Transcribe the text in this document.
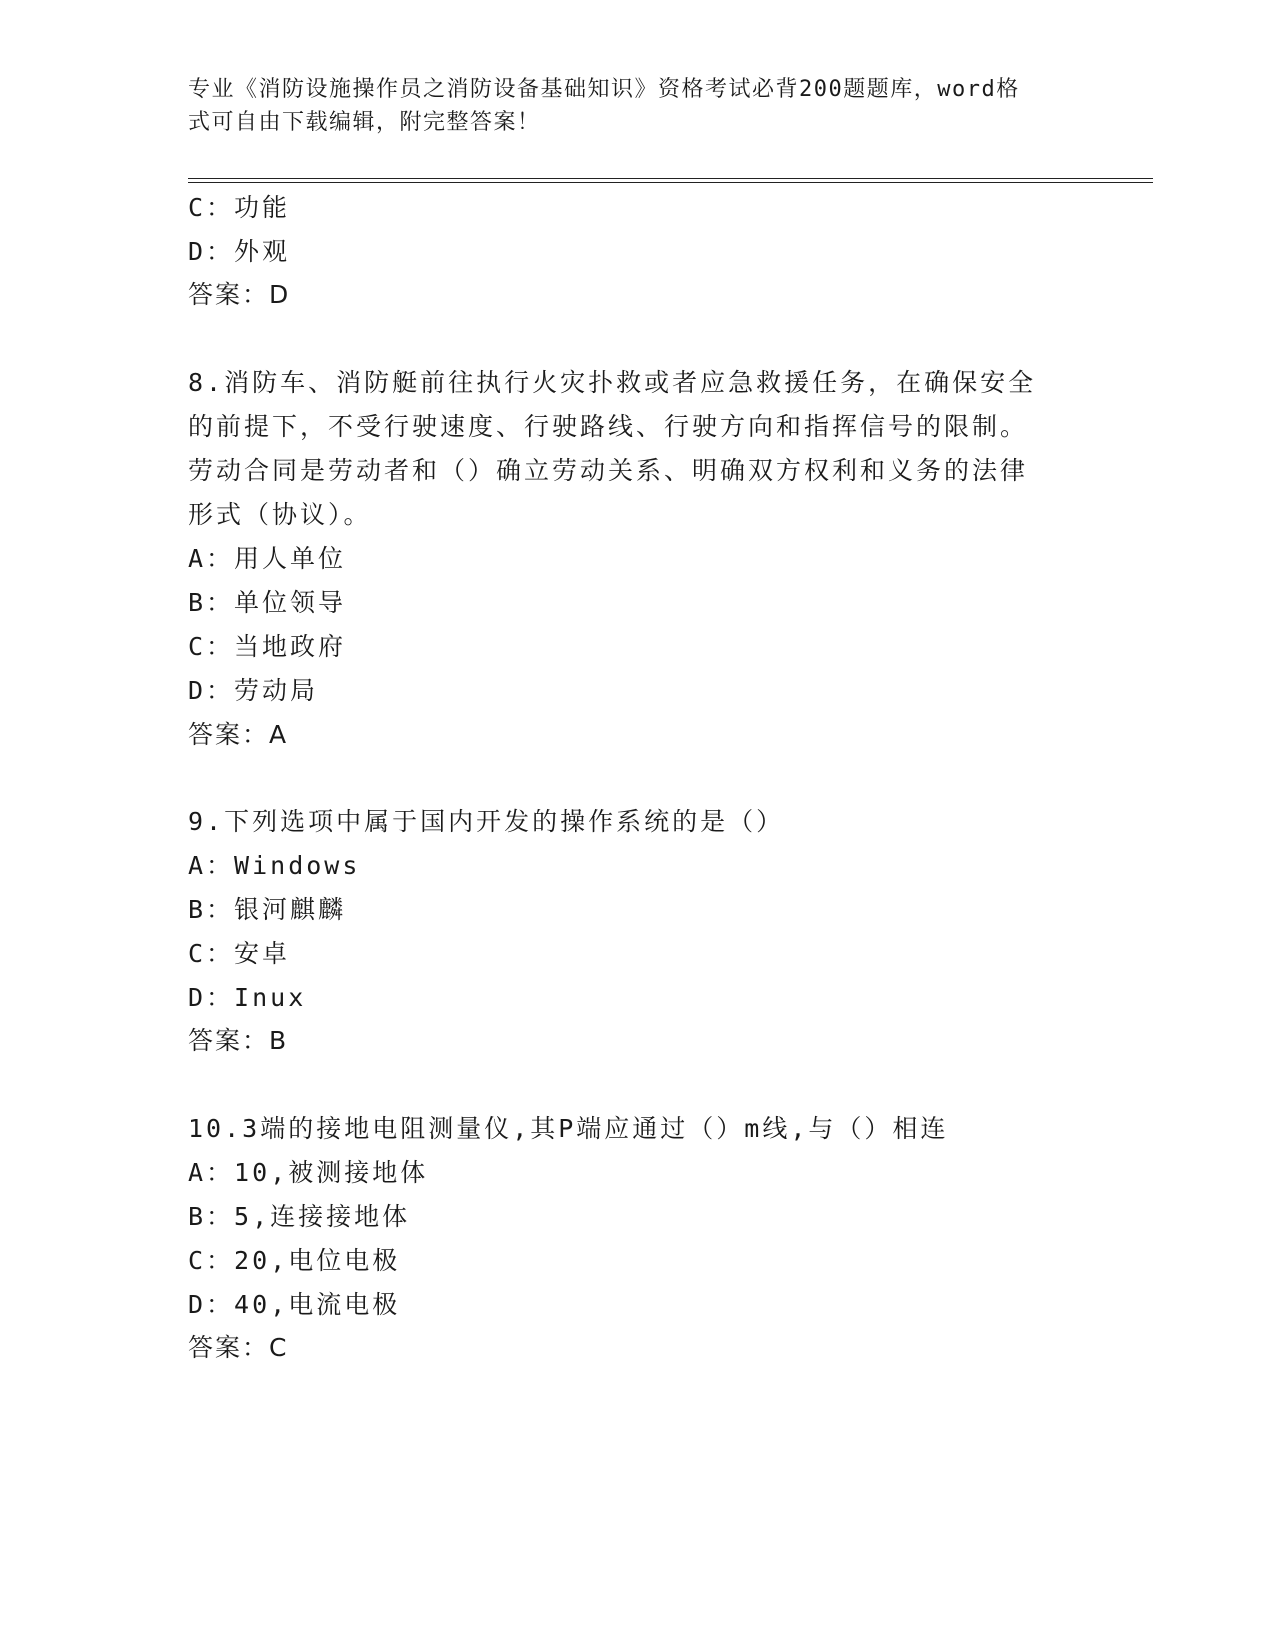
专业《消防设施操作员之消防设备基础知识》资格考试必背200题题库，word格
式可自由下载编辑，附完整答案！
C：功能
D：外观
答案：D
8.消防车、消防艇前往执行火灾扑救或者应急救援任务，在确保安全
的前提下，不受行驶速度、行驶路线、行驶方向和指挥信号的限制。
劳动合同是劳动者和（）确立劳动关系、明确双方权利和义务的法律
形式（协议）。
A：用人单位
B：单位领导
C：当地政府
D：劳动局
答案：A
9.下列选项中属于国内开发的操作系统的是（）
A：Windows
B：银河麒麟
C：安卓
D：Inux
答案：B
10.3端的接地电阻测量仪,其P端应通过（）m线,与（）相连
A：10,被测接地体
B：5,连接接地体
C：20,电位电极
D：40,电流电极
答案：C
